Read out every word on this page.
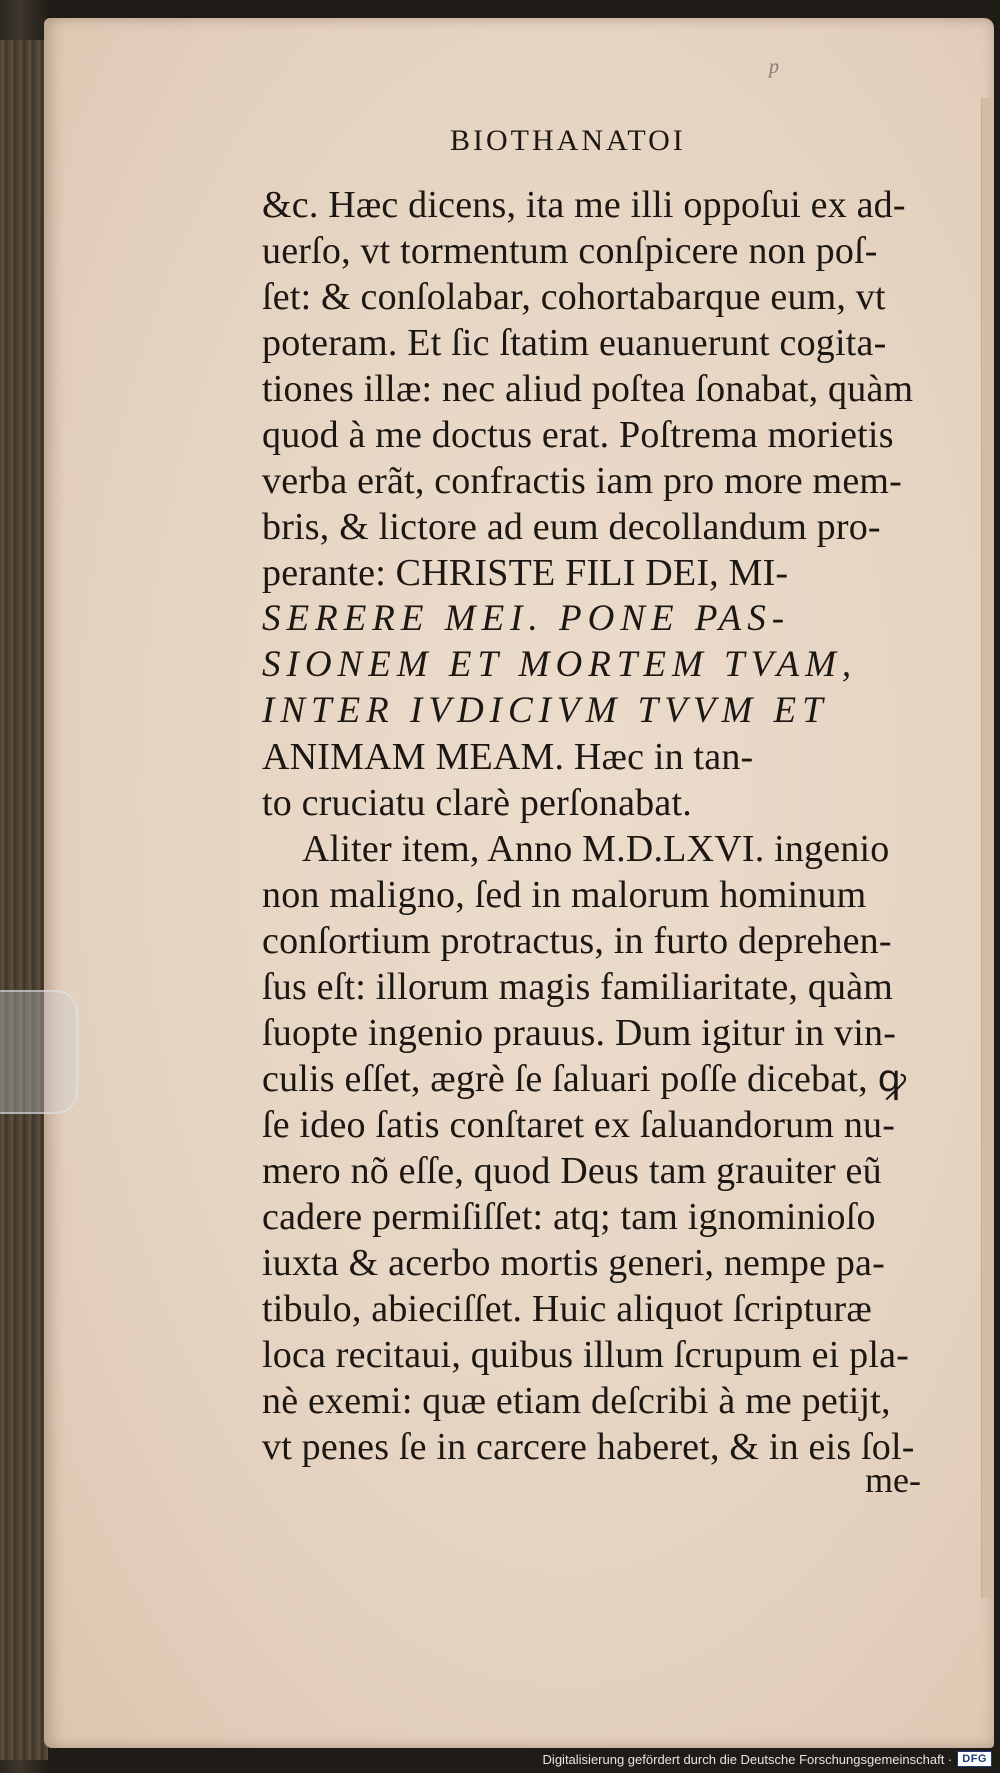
p
BIOTHANATOI
&c. Hæc dicens, ita me illi oppoſui ex ad-
uerſo, vt tormentum conſpicere non poſ-
ſet: & conſolabar, cohortabarque eum, vt
poteram. Et ſic ſtatim euanuerunt cogita-
tiones illæ: nec aliud poſtea ſonabat, quàm
quod à me doctus erat. Poſtrema morietis
verba erãt, confractis iam pro more mem-
bris, & lictore ad eum decollandum pro-
perante: CHRISTE FILI DEI, MI-
SERERE MEI. PONE PAS-
SIONEM ET MORTEM TVAM,
INTER IVDICIVM TVVM ET
ANIMAM MEAM. Hæc in tan-
to cruciatu clarè perſonabat.
Aliter item, Anno M.D.LXVI. ingenio
non maligno, ſed in malorum hominum
conſortium protractus, in furto deprehen-
ſus eſt: illorum magis familiaritate, quàm
ſuopte ingenio prauus. Dum igitur in vin-
culis eſſet, ægrè ſe ſaluari poſſe dicebat, ꝙ
ſe ideo ſatis conſtaret ex ſaluandorum nu-
mero nõ eſſe, quod Deus tam grauiter eũ
cadere permiſiſſet: atq; tam ignominioſo
iuxta & acerbo mortis generi, nempe pa-
tibulo, abieciſſet. Huic aliquot ſcripturæ
loca recitaui, quibus illum ſcrupum ei pla-
nè exemi: quæ etiam deſcribi à me petijt,
vt penes ſe in carcere haberet, & in eis ſol-
me-
Digitalisierung gefördert durch die Deutsche Forschungsgemeinschaft · DFG
